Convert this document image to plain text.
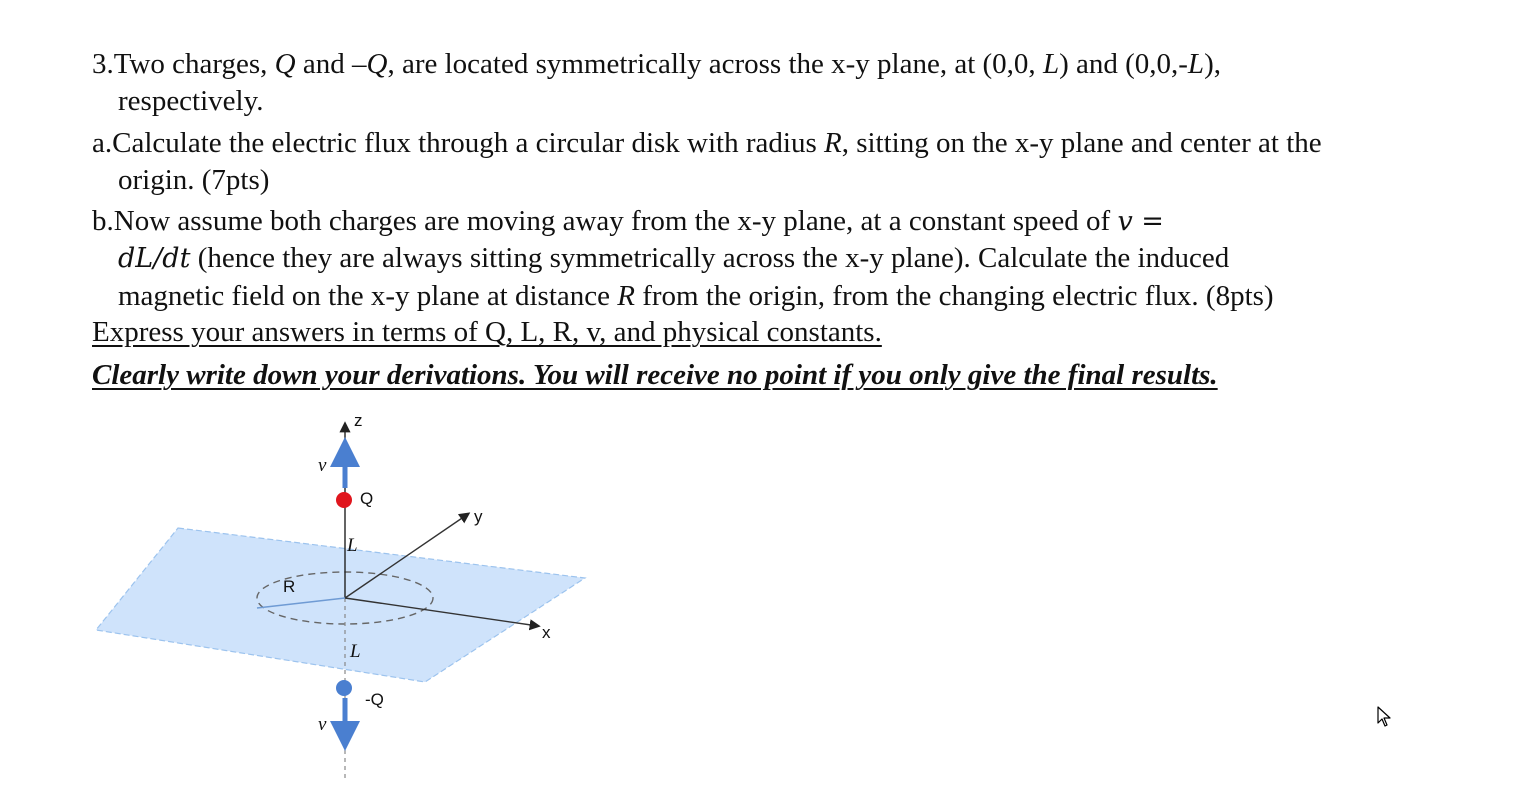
3.Two charges, Q and –Q, are located symmetrically across the x-y plane, at (0,0, L) and (0,0,-L),
respectively.
a.Calculate the electric flux through a circular disk with radius R, sitting on the x-y plane and center at the
origin. (7pts)
b.Now assume both charges are moving away from the x-y plane, at a constant speed of v =
dL/dt (hence they are always sitting symmetrically across the x-y plane). Calculate the induced
magnetic field on the x-y plane at distance R from the origin, from the changing electric flux. (8pts)
Express your answers in terms of Q, L, R, v, and physical constants.
Clearly write down your derivations. You will receive no point if you only give the final results.
z
y
x
Q
-Q
L
L
R
v
v
